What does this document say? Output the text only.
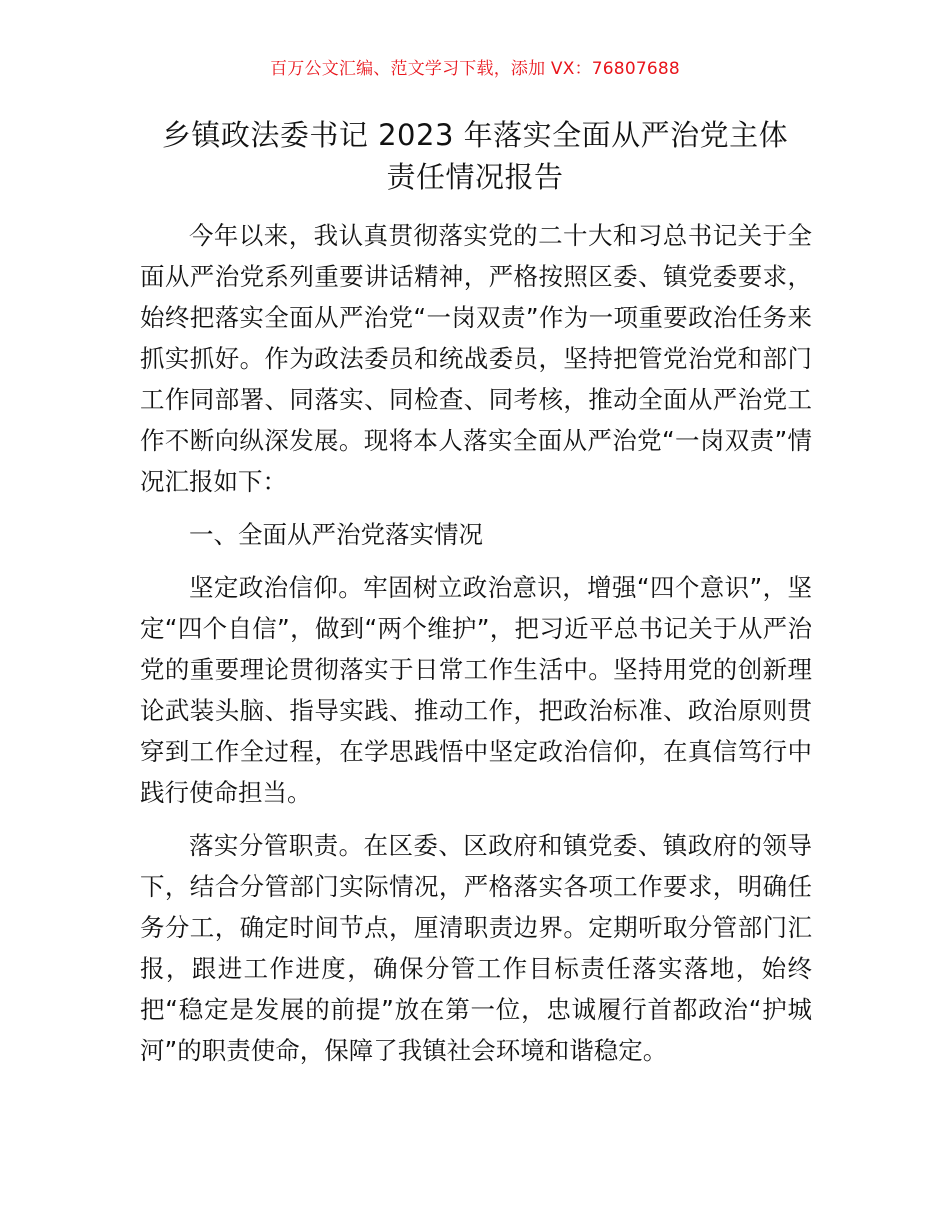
百万公文汇编、范文学习下载，添加 VX：76807688
乡镇政法委书记 2023 年落实全面从严治党主体
责任情况报告

今年以来，我认真贯彻落实党的二十大和习总书记关于全面从严治党系列重要讲话精神，严格按照区委、镇党委要求，始终把落实全面从严治党“一岗双责”作为一项重要政治任务来抓实抓好。作为政法委员和统战委员，坚持把管党治党和部门工作同部署、同落实、同检查、同考核，推动全面从严治党工作不断向纵深发展。现将本人落实全面从严治党“一岗双责”情况汇报如下：

一、全面从严治党落实情况

坚定政治信仰。牢固树立政治意识，增强“四个意识”，坚定“四个自信”，做到“两个维护”，把习近平总书记关于从严治党的重要理论贯彻落实于日常工作生活中。坚持用党的创新理论武装头脑、指导实践、推动工作，把政治标准、政治原则贯穿到工作全过程，在学思践悟中坚定政治信仰，在真信笃行中践行使命担当。

落实分管职责。在区委、区政府和镇党委、镇政府的领导下，结合分管部门实际情况，严格落实各项工作要求，明确任务分工，确定时间节点，厘清职责边界。定期听取分管部门汇报，跟进工作进度，确保分管工作目标责任落实落地，始终把“稳定是发展的前提”放在第一位，忠诚履行首都政治“护城河”的职责使命，保障了我镇社会环境和谐稳定。
